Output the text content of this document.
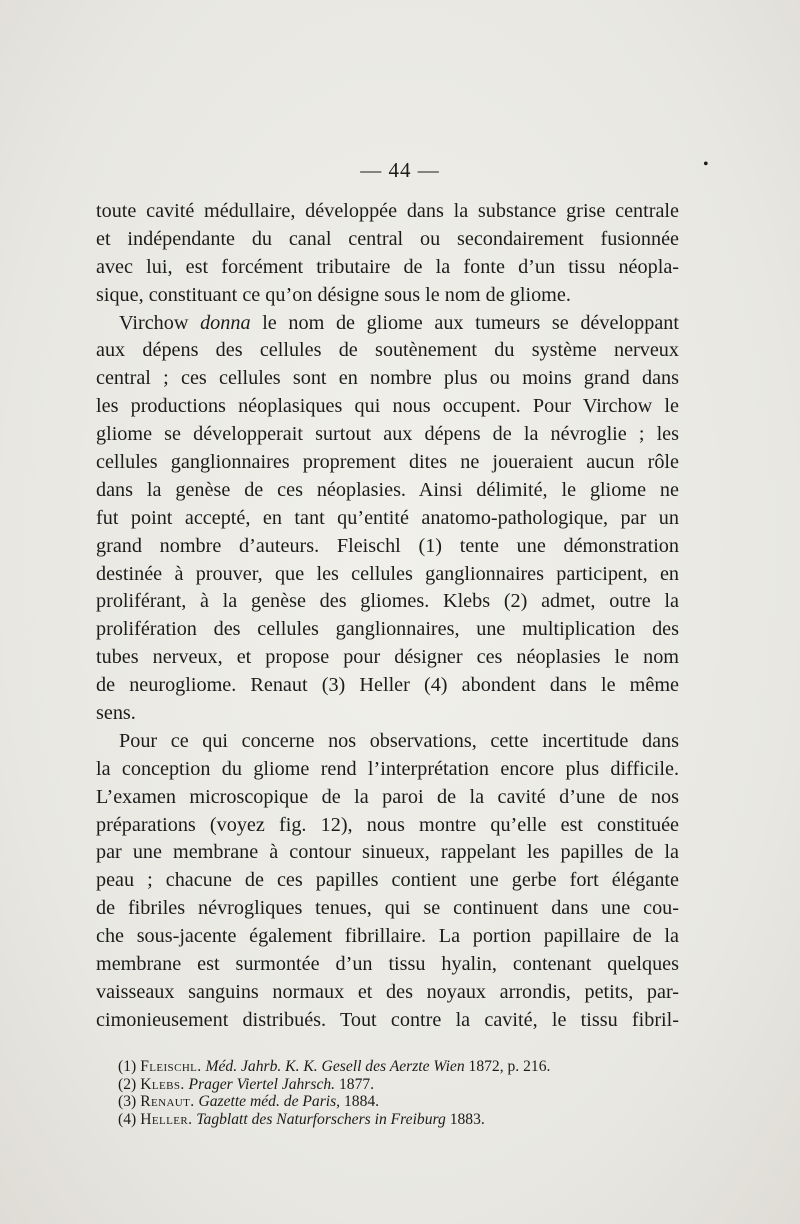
— 44 —	•
toute cavité médullaire, développée dans la substance grise centrale
et indépendante du canal central ou secondairement fusionnée
avec lui, est forcément tributaire de la fonte d’un tissu néopla-
sique, constituant ce qu’on désigne sous le nom de gliome.
Virchow donna le nom de gliome aux tumeurs se développant
aux dépens des cellules de soutènement du système nerveux
central ; ces cellules sont en nombre plus ou moins grand dans
les productions néoplasiques qui nous occupent. Pour Virchow le
gliome se développerait surtout aux dépens de la névroglie ; les
cellules ganglionnaires proprement dites ne joueraient aucun rôle
dans la genèse de ces néoplasies. Ainsi délimité, le gliome ne
fut point accepté, en tant qu’entité anatomo-pathologique, par un
grand nombre d’auteurs. Fleischl (1) tente une démonstration
destinée à prouver, que les cellules ganglionnaires participent, en
proliférant, à la genèse des gliomes. Klebs (2) admet, outre la
prolifération des cellules ganglionnaires, une multiplication des
tubes nerveux, et propose pour désigner ces néoplasies le nom
de neurogliome. Renaut (3) Heller (4) abondent dans le même
sens.
Pour ce qui concerne nos observations, cette incertitude dans
la conception du gliome rend l’interprétation encore plus difficile.
L’examen microscopique de la paroi de la cavité d’une de nos
préparations (voyez fig. 12), nous montre qu’elle est constituée
par une membrane à contour sinueux, rappelant les papilles de la
peau ; chacune de ces papilles contient une gerbe fort élégante
de fibriles névrogliques tenues, qui se continuent dans une cou-
che sous-jacente également fibrillaire. La portion papillaire de la
membrane est surmontée d’un tissu hyalin, contenant quelques
vaisseaux sanguins normaux et des noyaux arrondis, petits, par-
cimonieusement distribués. Tout contre la cavité, le tissu fibril-
(1) Fleischl. Méd. Jahrb. K. K. Gesell des Aerzte Wien 1872, p. 216.
(2) Klebs. Prager Viertel Jahrsch. 1877.
(3) Renaut. Gazette méd. de Paris, 1884.
(4) Heller. Tagblatt des Naturforschers in Freiburg 1883.
